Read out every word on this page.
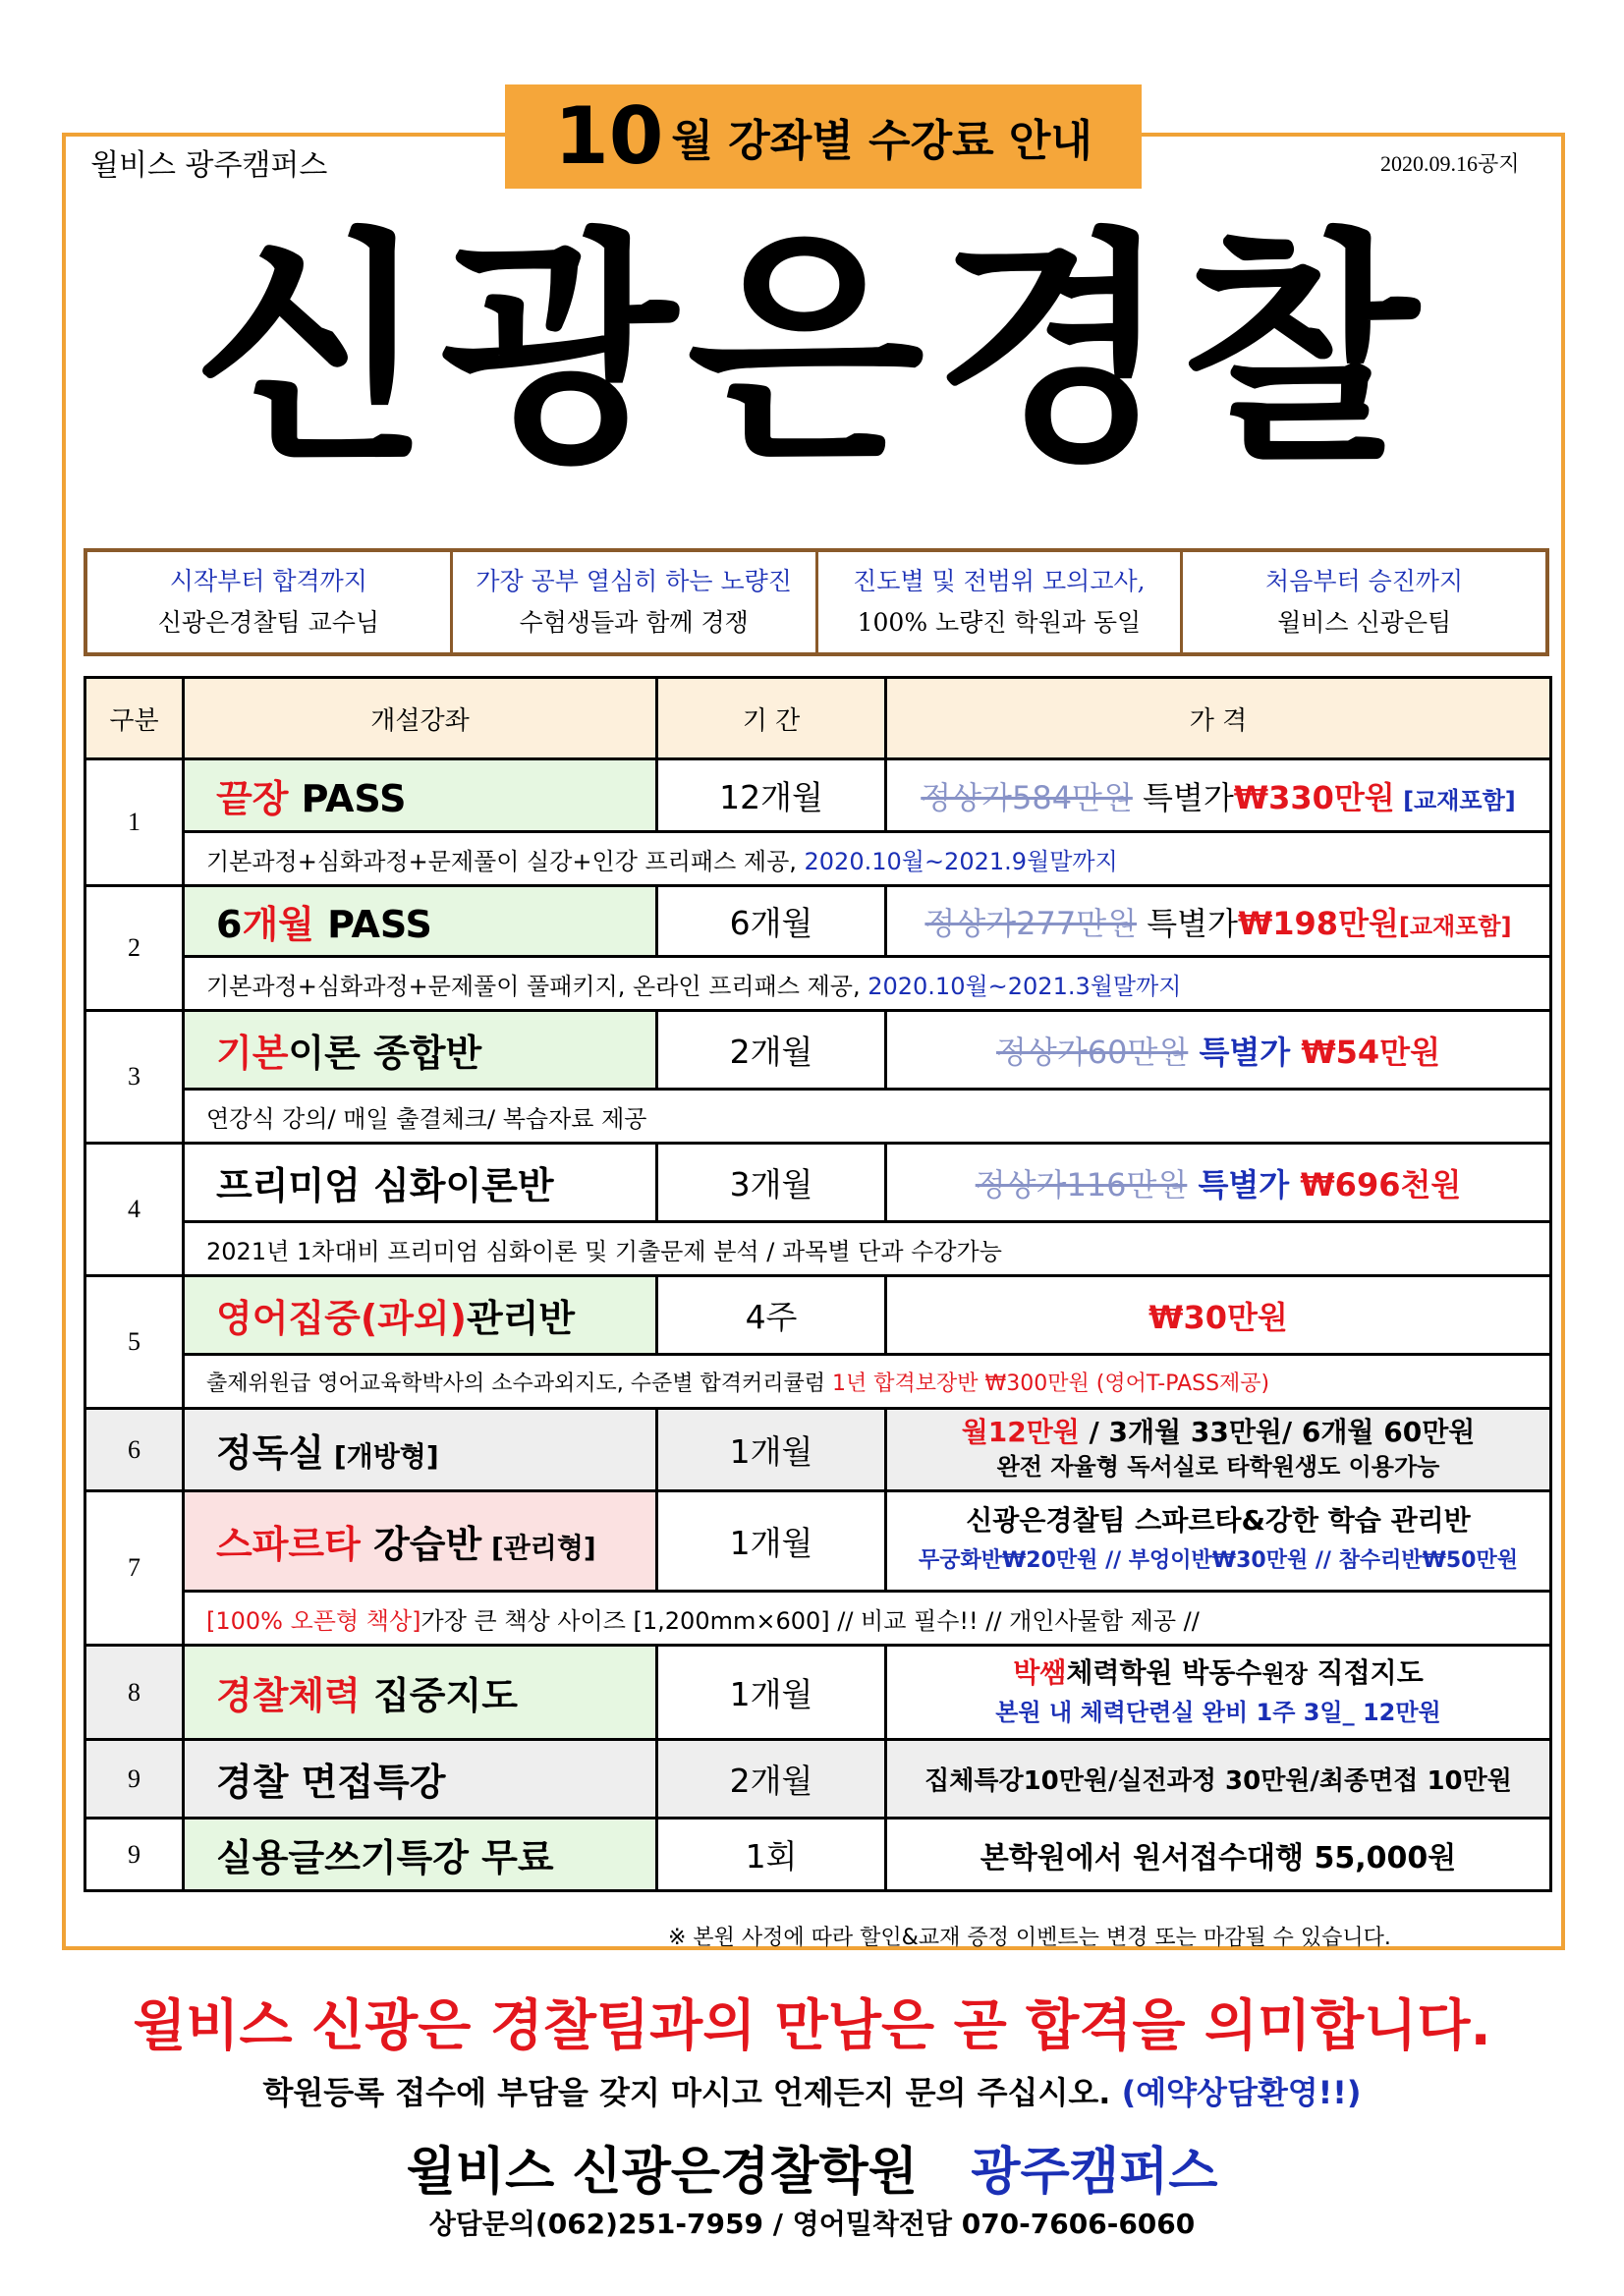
10 월 강좌별 수강료 안내
윌비스 광주캠퍼스	2020.09.16공지
신광은경찰
시작부터 합격까지
신광은경찰팀 교수님
가장 공부 열심히 하는 노량진
수험생들과 함께 경쟁
진도별 및 전범위 모의고사,
100% 노량진 학원과 동일
처음부터 승진까지
윌비스 신광은팀
구분	개설강좌	기 간	가 격
1	끝장 PASS	12개월	정상가584만원 특별가₩330만원 [교재포함]
	기본과정+심화과정+문제풀이 실강+인강 프리패스 제공, 2020.10월~2021.9월말까지		
2	6개월 PASS	6개월	정상가277만원 특별가₩198만원[교재포함]
	기본과정+심화과정+문제풀이 풀패키지, 온라인 프리패스 제공, 2020.10월~2021.3월말까지		
3	기본이론 종합반	2개월	정상가60만원 특별가 ₩54만원
	연강식 강의/ 매일 출결체크/ 복습자료 제공		
4	프리미엄 심화이론반	3개월	정상가116만원 특별가 ₩696천원
	2021년 1차대비 프리미엄 심화이론 및 기출문제 분석 / 과목별 단과 수강가능		
5	영어집중(과외)관리반	4주	₩30만원
	출제위원급 영어교육학박사의 소수과외지도, 수준별 합격커리큘럼 1년 합격보장반 ₩300만원 (영어T-PASS제공)		
6	정독실 [개방형]	1개월	월12만원 / 3개월 33만원/ 6개월 60만원
완전 자율형 독서실로 타학원생도 이용가능
7	스파르타 강습반 [관리형]	1개월	신광은경찰팀 스파르타&강한 학습 관리반
무궁화반₩20만원 // 부엉이반₩30만원 // 참수리반₩50만원
	[100% 오픈형 책상]가장 큰 책상 사이즈 [1,200mm×600] // 비교 필수!! // 개인사물함 제공 //		
8	경찰체력 집중지도	1개월	박쌤체력학원 박동수원장 직접지도
본원 내 체력단련실 완비 1주 3일_ 12만원
9	경찰 면접특강	2개월	집체특강10만원/실전과정 30만원/최종면접 10만원
9	실용글쓰기특강 무료	1회	본학원에서 원서접수대행 55,000원
※ 본원 사정에 따라 할인&교재 증정 이벤트는 변경 또는 마감될 수 있습니다.
윌비스 신광은 경찰팀과의 만남은 곧 합격을 의미합니다.
학원등록 접수에 부담을 갖지 마시고 언제든지 문의 주십시오. (예약상담환영!!)
윌비스 신광은경찰학원 광주캠퍼스
상담문의(062)251-7959 / 영어밀착전담 070-7606-6060
